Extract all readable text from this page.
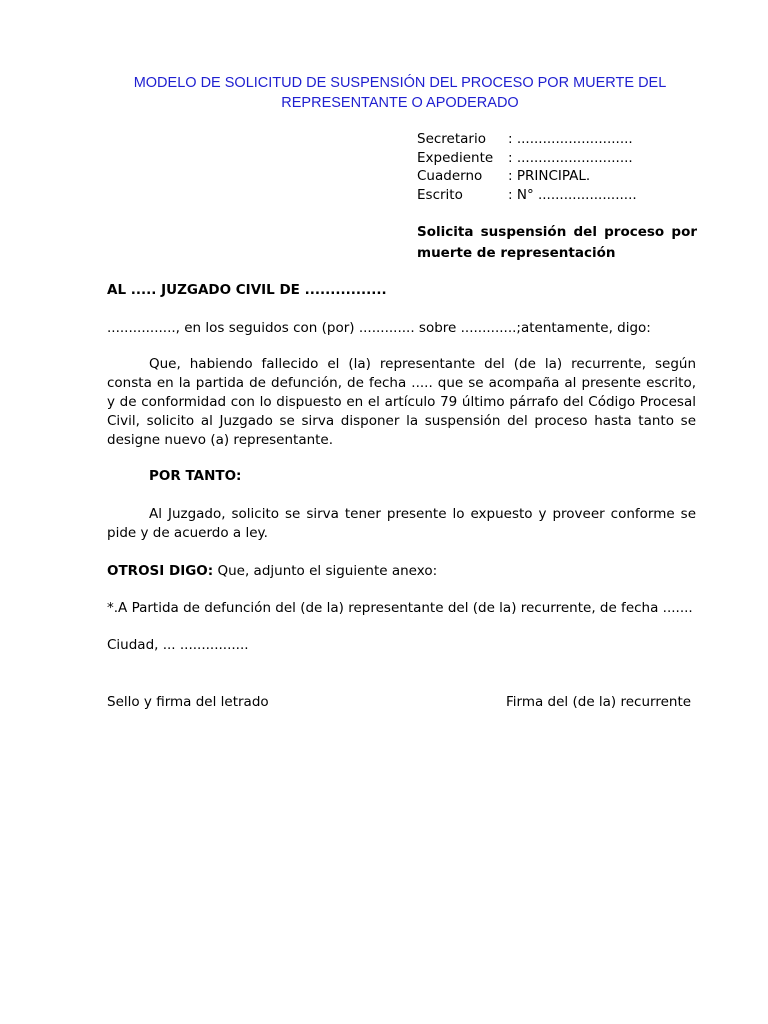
MODELO DE SOLICITUD DE SUSPENSIÓN DEL PROCESO POR MUERTE DEL
REPRESENTANTE O APODERADO
Secretario	: ...........................
Expediente	: ...........................
Cuaderno	: PRINCIPAL.
Escrito	: N° .......................
Solicita suspensión del proceso por
muerte de representación
AL ..... JUZGADO CIVIL DE ................
................, en los seguidos con (por) ............. sobre .............;atentamente, digo:
Que, habiendo fallecido el (la) representante del (de la) recurrente, según consta en la partida de defunción, de fecha ..... que se acompaña al presente escrito, y de conformidad con lo dispuesto en el artículo 79 último párrafo del Código Procesal Civil, solicito al Juzgado se sirva disponer la suspensión del proceso hasta tanto se designe nuevo (a) representante.
POR TANTO:
Al Juzgado, solicito se sirva tener presente lo expuesto y proveer conforme se pide y de acuerdo a ley.
OTROSI DIGO: Que, adjunto el siguiente anexo:
*.A Partida de defunción del (de la) representante del (de la) recurrente, de fecha .......
Ciudad, ... ................
Sello y firma del letrado	Firma del (de la) recurrente
